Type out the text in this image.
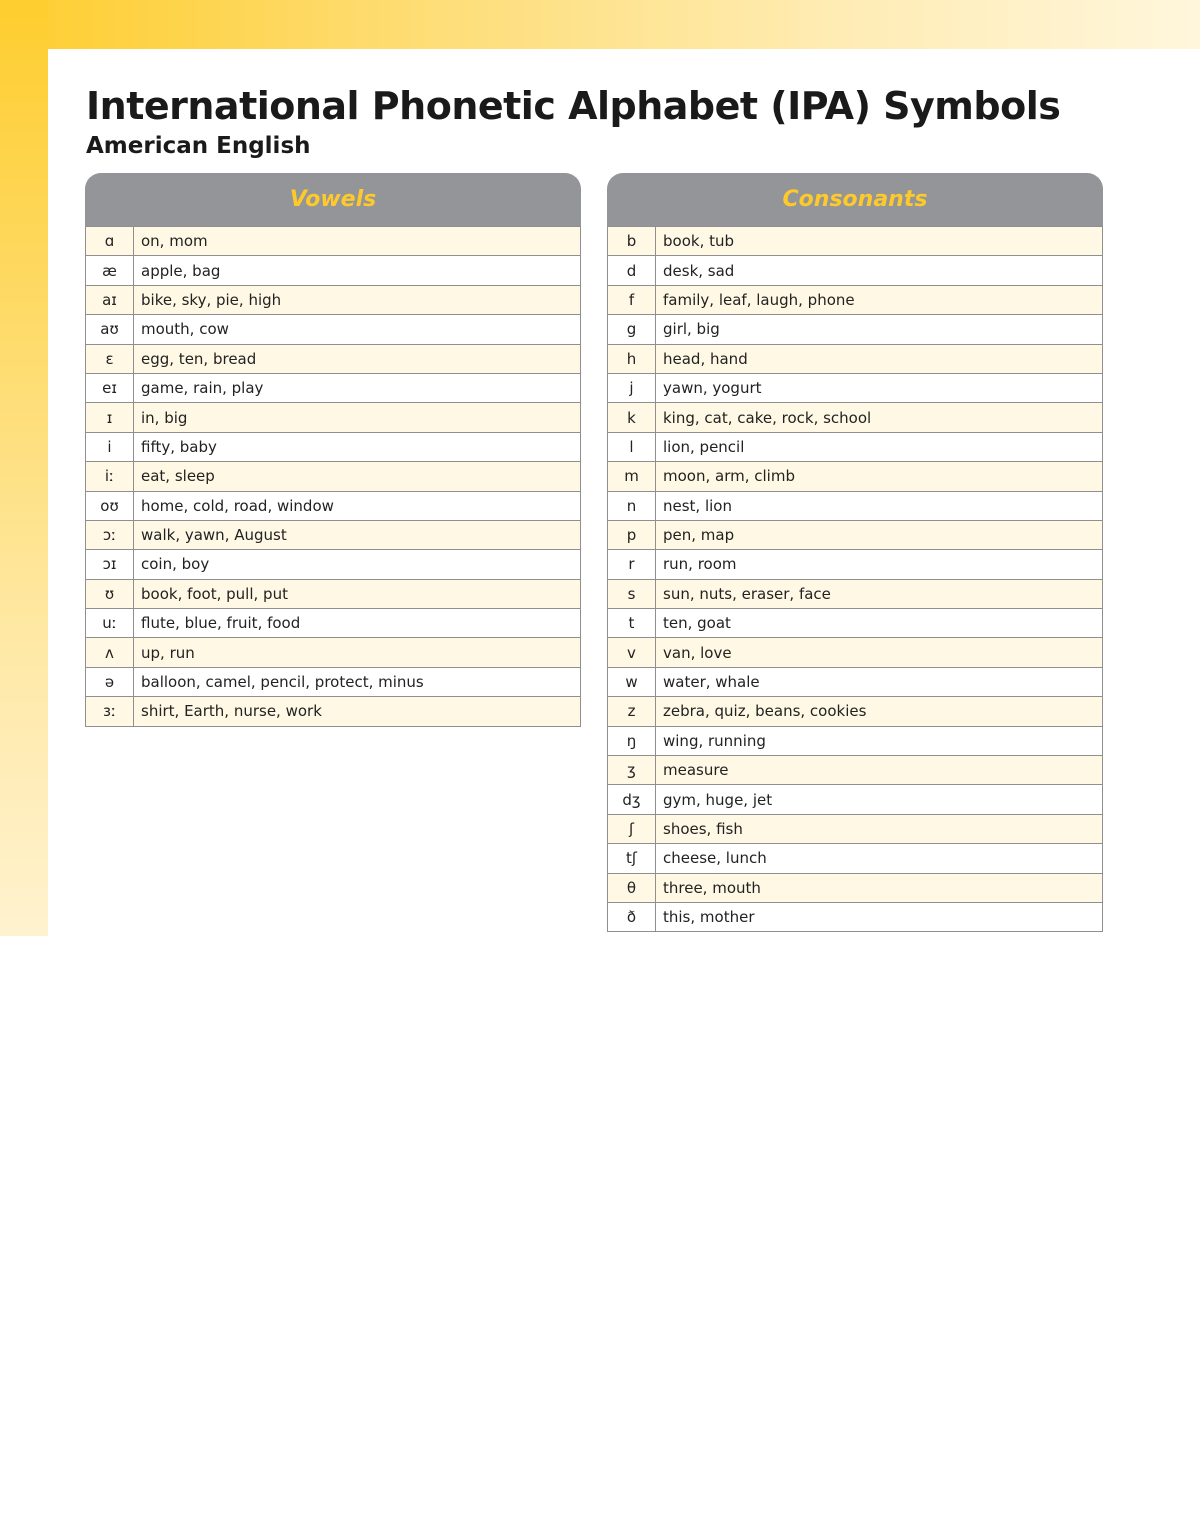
International Phonetic Alphabet (IPA) Symbols
American English
Vowels
ɑ	on, mom
æ	apple, bag
aɪ	bike, sky, pie, high
aʊ	mouth, cow
ɛ	egg, ten, bread
eɪ	game, rain, play
ɪ	in, big
i	fifty, baby
iː	eat, sleep
oʊ	home, cold, road, window
ɔː	walk, yawn, August
ɔɪ	coin, boy
ʊ	book, foot, pull, put
uː	flute, blue, fruit, food
ʌ	up, run
ə	balloon, camel, pencil, protect, minus
ɜː	shirt, Earth, nurse, work
Consonants
b	book, tub
d	desk, sad
f	family, leaf, laugh, phone
g	girl, big
h	head, hand
j	yawn, yogurt
k	king, cat, cake, rock, school
l	lion, pencil
m	moon, arm, climb
n	nest, lion
p	pen, map
r	run, room
s	sun, nuts, eraser, face
t	ten, goat
v	van, love
w	water, whale
z	zebra, quiz, beans, cookies
ŋ	wing, running
ʒ	measure
dʒ	gym, huge, jet
ʃ	shoes, fish
tʃ	cheese, lunch
θ	three, mouth
ð	this, mother
